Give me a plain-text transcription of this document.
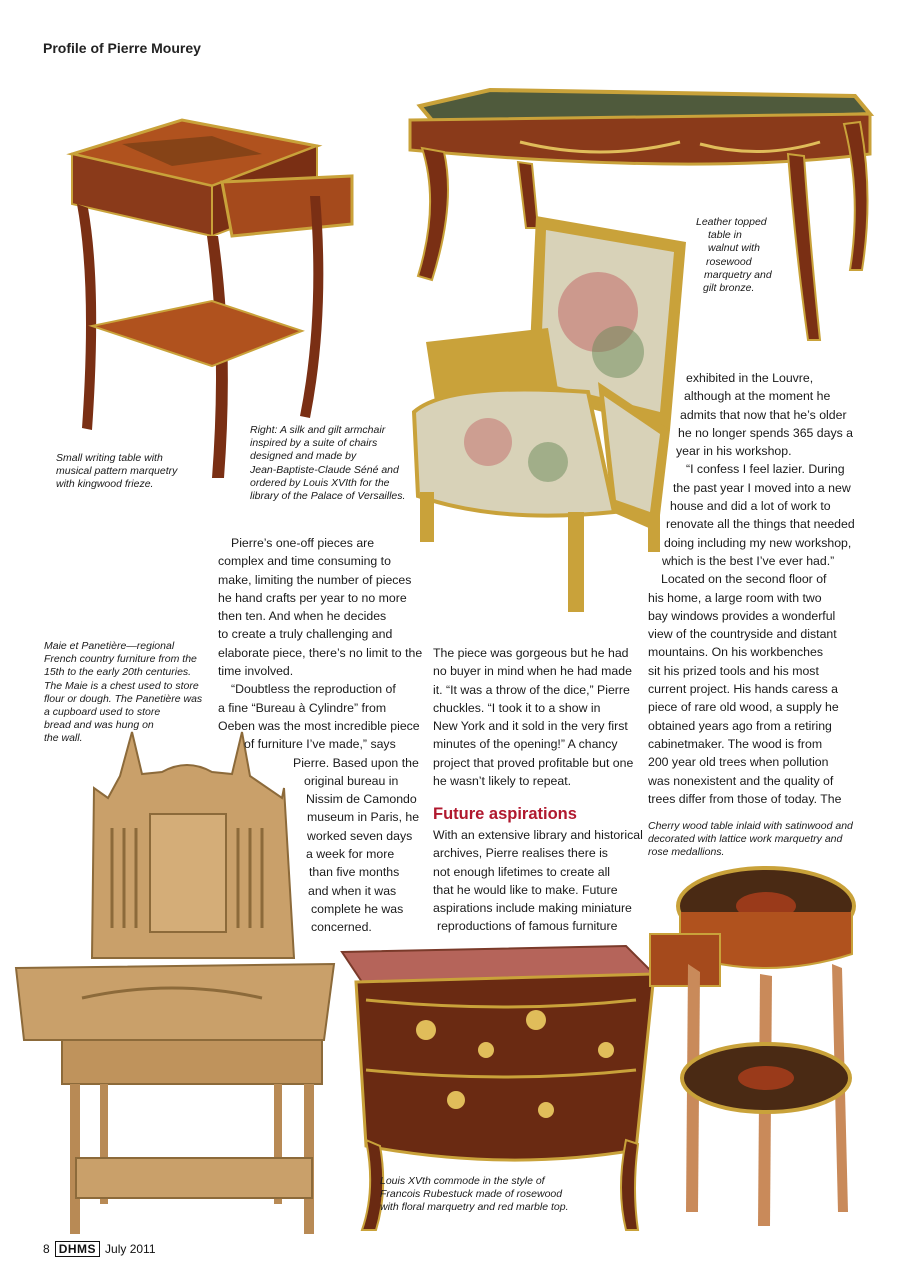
Profile of Pierre Mourey
Leather topped
table in
walnut with
rosewood
marquetry and
gilt bronze.
Small writing table with
musical pattern marquetry
with kingwood frieze.
Right: A silk and gilt armchair
inspired by a suite of chairs
designed and made by
Jean-Baptiste-Claude Séné and
ordered by Louis XVIth for the
library of the Palace of Versailles.
Maie et Panetière—regional
French country furniture from the
15th to the early 20th centuries.
The Maie is a chest used to store
flour or dough. The Panetière was
a cupboard used to store
bread and was hung on
the wall.
Cherry wood table inlaid with satinwood and
decorated with lattice work marquetry and
rose medallions.
Louis XVth commode in the style of
Francois Rubestuck made of rosewood
with floral marquetry and red marble top.
Pierre’s one-off pieces are
complex and time consuming to
make, limiting the number of pieces
he hand crafts per year to no more
then ten. And when he decides
to create a truly challenging and
elaborate piece, there’s no limit to the
time involved.
“Doubtless the reproduction of
a fine “Bureau à Cylindre” from
Oeben was the most incredible piece
of furniture I’ve made,” says
Pierre. Based upon the
original bureau in
Nissim de Camondo
museum in Paris, he
worked seven days
a week for more
than five months
and when it was
complete he was
concerned.
The piece was gorgeous but he had
no buyer in mind when he had made
it. “It was a throw of the dice,” Pierre
chuckles. “I took it to a show in
New York and it sold in the very first
minutes of the opening!” A chancy
project that proved profitable but one
he wasn’t likely to repeat.
Future aspirations
With an extensive library and historical
archives, Pierre realises there is
not enough lifetimes to create all
that he would like to make. Future
aspirations include making miniature
reproductions of famous furniture
exhibited in the Louvre,
although at the moment he
admits that now that he’s older
he no longer spends 365 days a
year in his workshop.
“I confess I feel lazier. During
the past year I moved into a new
house and did a lot of work to
renovate all the things that needed
doing including my new workshop,
which is the best I’ve ever had.”
Located on the second floor of
his home, a large room with two
bay windows provides a wonderful
view of the countryside and distant
mountains. On his workbenches
sit his prized tools and his most
current project. His hands caress a
piece of rare old wood, a supply he
obtained years ago from a retiring
cabinetmaker. The wood is from
200 year old trees when pollution
was nonexistent and the quality of
trees differ from those of today. The
8 DHMS July 2011
